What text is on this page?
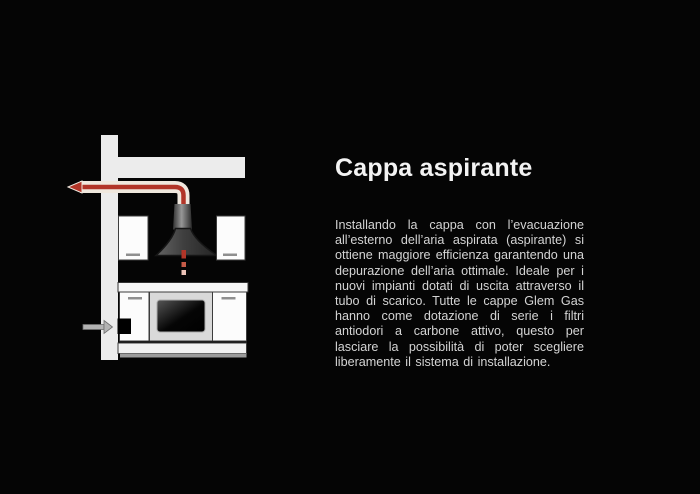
Cappa aspirante

Installando la cappa con l’evacuazione all’esterno dell’aria aspirata (aspirante) si ottiene maggiore efficienza garantendo una depurazione dell’aria ottimale. Ideale per i nuovi impianti dotati di uscita attraverso il tubo di scarico. Tutte le cappe Glem Gas hanno come dotazione di serie i filtri antiodori a carbone attivo, questo per lasciare la possibilità di poter scegliere liberamente il sistema di installazione.
